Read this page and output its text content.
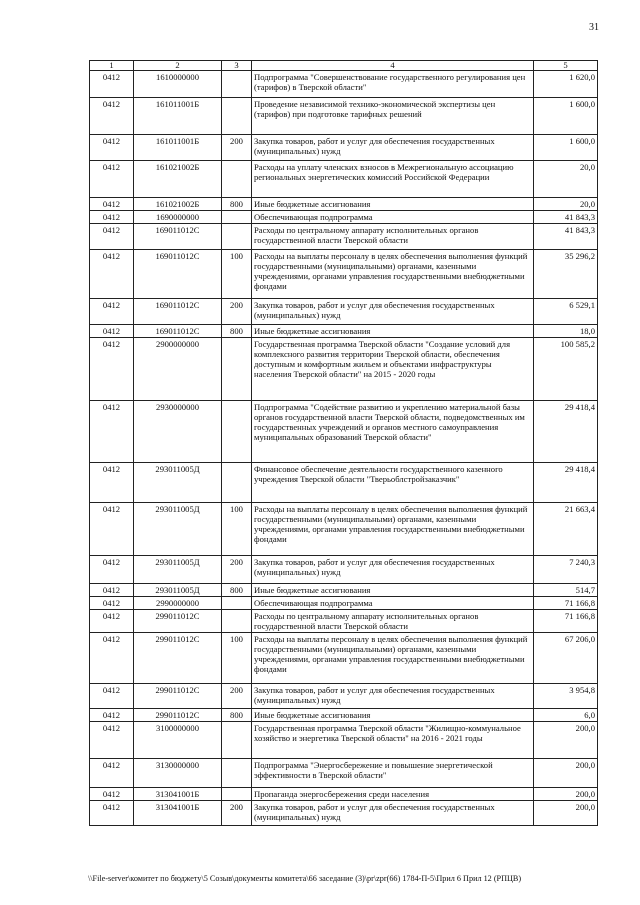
31
1	2	3	4	5
0412	1610000000		Подпрограмма "Совершенствование государственного регулирования цен (тарифов) в Тверской области"	1 620,0
0412	161011001Б		Проведение независимой технико-экономической экспертизы цен (тарифов) при подготовке тарифных решений	1 600,0
0412	161011001Б	200	Закупка товаров, работ и услуг для обеспечения государственных (муниципальных) нужд	1 600,0
0412	161021002Б		Расходы на уплату членских взносов в Межрегиональную ассоциацию региональных энергетических комиссий Российской Федерации	20,0
0412	161021002Б	800	Иные бюджетные ассигнования	20,0
0412	1690000000		Обеспечивающая подпрограмма	41 843,3
0412	169011012С		Расходы по центральному аппарату исполнительных органов государственной власти Тверской области	41 843,3
0412	169011012С	100	Расходы на выплаты персоналу в целях обеспечения выполнения функций государственными (муниципальными) органами, казенными учреждениями, органами управления государственными внебюджетными фондами	35 296,2
0412	169011012С	200	Закупка товаров, работ и услуг для обеспечения государственных (муниципальных) нужд	6 529,1
0412	169011012С	800	Иные бюджетные ассигнования	18,0
0412	2900000000		Государственная программа Тверской области "Создание условий для комплексного развития территории Тверской области, обеспечения доступным и комфортным жильем и объектами инфраструктуры населения Тверской области" на 2015 - 2020 годы	100 585,2
0412	2930000000		Подпрограмма "Содействие развитию и укреплению материальной базы органов государственной власти Тверской области, подведомственных им государственных учреждений и органов местного самоуправления муниципальных образований Тверской области"	29 418,4
0412	293011005Д		Финансовое обеспечение деятельности государственного казенного учреждения Тверской области "Тверьоблстройзаказчик"	29 418,4
0412	293011005Д	100	Расходы на выплаты персоналу в целях обеспечения выполнения функций государственными (муниципальными) органами, казенными учреждениями, органами управления государственными внебюджетными фондами	21 663,4
0412	293011005Д	200	Закупка товаров, работ и услуг для обеспечения государственных (муниципальных) нужд	7 240,3
0412	293011005Д	800	Иные бюджетные ассигнования	514,7
0412	2990000000		Обеспечивающая подпрограмма	71 166,8
0412	299011012С		Расходы по центральному аппарату исполнительных органов государственной власти Тверской области	71 166,8
0412	299011012С	100	Расходы на выплаты персоналу в целях обеспечения выполнения функций государственными (муниципальными) органами, казенными учреждениями, органами управления государственными внебюджетными фондами	67 206,0
0412	299011012С	200	Закупка товаров, работ и услуг для обеспечения государственных (муниципальных) нужд	3 954,8
0412	299011012С	800	Иные бюджетные ассигнования	6,0
0412	3100000000		Государственная программа Тверской области "Жилищно-коммунальное хозяйство и энергетика Тверской области" на 2016 - 2021 годы	200,0
0412	3130000000		Подпрограмма "Энергосбережение и повышение энергетической эффективности в Тверской области"	200,0
0412	313041001Б		Пропаганда энергосбережения среди населения	200,0
0412	313041001Б	200	Закупка товаров, работ и услуг для обеспечения государственных (муниципальных) нужд	200,0
\\File-server\комитет по бюджету\5 Созыв\документы комитета\66 заседание (3)\pr\zpr(66) 1784-П-5\Прил 6 Прил 12 (РПЦВ)
